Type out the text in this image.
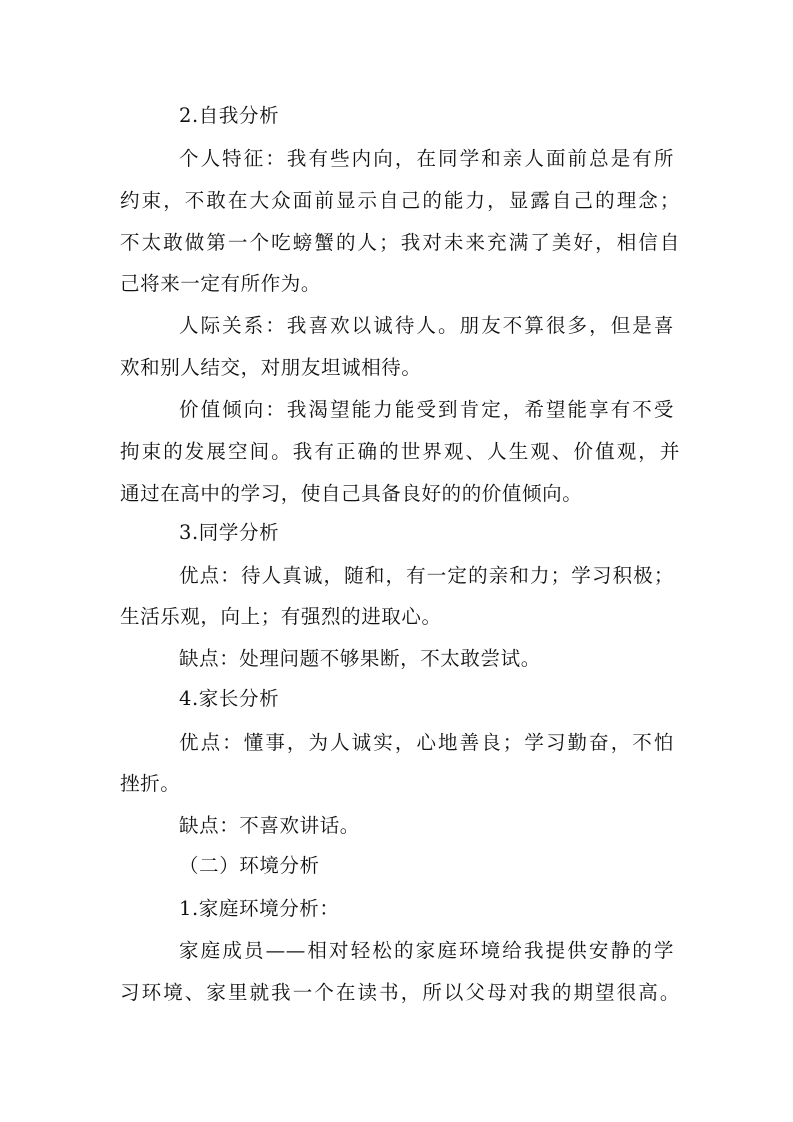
2.自我分析
个人特征：我有些内向，在同学和亲人面前总是有所
约束，不敢在大众面前显示自己的能力，显露自己的理念；
不太敢做第一个吃螃蟹的人；我对未来充满了美好，相信自
己将来一定有所作为。
人际关系：我喜欢以诚待人。朋友不算很多，但是喜
欢和别人结交，对朋友坦诚相待。
价值倾向：我渴望能力能受到肯定，希望能享有不受
拘束的发展空间。我有正确的世界观、人生观、价值观，并
通过在高中的学习，使自己具备良好的的价值倾向。
3.同学分析
优点：待人真诚，随和，有一定的亲和力；学习积极；
生活乐观，向上；有强烈的进取心。
缺点：处理问题不够果断，不太敢尝试。
4.家长分析
优点：懂事，为人诚实，心地善良；学习勤奋，不怕
挫折。
缺点：不喜欢讲话。
（二）环境分析
1.家庭环境分析：
家庭成员——相对轻松的家庭环境给我提供安静的学
习环境、家里就我一个在读书，所以父母对我的期望很高。
